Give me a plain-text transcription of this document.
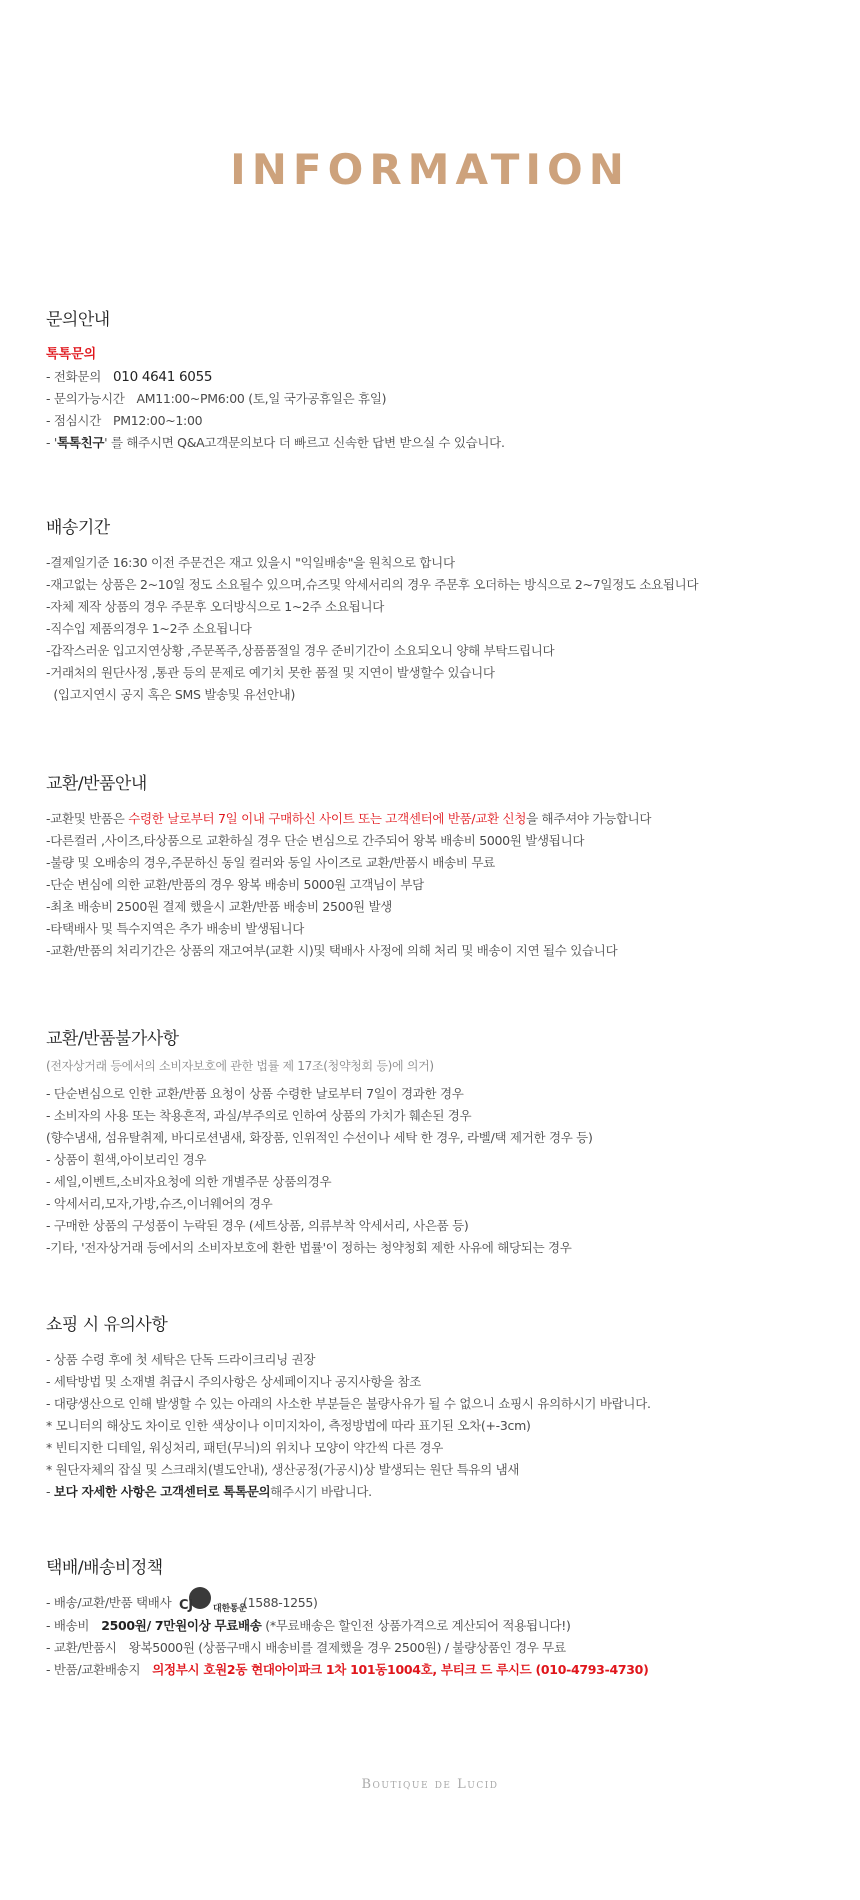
INFORMATION
문의안내
톡톡문의
- 전화문의 010 4641 6055
- 문의가능시간 AM11:00~PM6:00 (토,일 국가공휴일은 휴일)
- 점심시간 PM12:00~1:00
- '톡톡친구' 를 해주시면 Q&A고객문의보다 더 빠르고 신속한 답변 받으실 수 있습니다.
배송기간
-결제일기준 16:30 이전 주문건은 재고 있을시 "익일배송"을 원칙으로 합니다
-재고없는 상품은 2~10일 정도 소요될수 있으며,슈즈및 악세서리의 경우 주문후 오더하는 방식으로 2~7일정도 소요됩니다
-자체 제작 상품의 경우 주문후 오더방식으로 1~2주 소요됩니다
-직수입 제품의경우 1~2주 소요됩니다
-갑작스러운 입고지연상황 ,주문폭주,상품품절일 경우 준비기간이 소요되오니 양해 부탁드립니다
-거래처의 원단사정 ,통관 등의 문제로 예기치 못한 품절 및 지연이 발생할수 있습니다
(입고지연시 공지 혹은 SMS 발송및 유선안내)
교환/반품안내
-교환및 반품은 수령한 날로부터 7일 이내 구매하신 사이트 또는 고객센터에 반품/교환 신청을 해주셔야 가능합니다
-다른컬러 ,사이즈,타상품으로 교환하실 경우 단순 변심으로 간주되어 왕복 배송비 5000원 발생됩니다
-불량 및 오배송의 경우,주문하신 동일 컬러와 동일 사이즈로 교환/반품시 배송비 무료
-단순 변심에 의한 교환/반품의 경우 왕복 배송비 5000원 고객님이 부담
-최초 배송비 2500원 결제 했을시 교환/반품 배송비 2500원 발생
-타택배사 및 특수지역은 추가 배송비 발생됩니다
-교환/반품의 처리기간은 상품의 재고여부(교환 시)및 택배사 사정에 의해 처리 및 배송이 지연 될수 있습니다
교환/반품불가사항
(전자상거래 등에서의 소비자보호에 관한 법률 제 17조(청약청회 등)에 의거)
- 단순변심으로 인한 교환/반품 요청이 상품 수령한 날로부터 7일이 경과한 경우
- 소비자의 사용 또는 착용흔적, 과실/부주의로 인하여 상품의 가치가 훼손된 경우
(향수냄새, 섬유탈취제, 바디로션냄새, 화장품, 인위적인 수선이나 세탁 한 경우, 라벨/택 제거한 경우 등)
- 상품이 흰색,아이보리인 경우
- 세일,이벤트,소비자요청에 의한 개별주문 상품의경우
- 악세서리,모자,가방,슈즈,이너웨어의 경우
- 구매한 상품의 구성품이 누락된 경우 (세트상품, 의류부착 악세서리, 사은품 등)
-기타, '전자상거래 등에서의 소비자보호에 환한 법률'이 정하는 청약청회 제한 사유에 해당되는 경우
쇼핑 시 유의사항
- 상품 수령 후에 첫 세탁은 단독 드라이크리닝 권장
- 세탁방법 및 소재별 취급시 주의사항은 상세페이지나 공지사항을 참조
- 대량생산으로 인해 발생할 수 있는 아래의 사소한 부분들은 불량사유가 될 수 없으니 쇼핑시 유의하시기 바랍니다.
* 모니터의 해상도 차이로 인한 색상이나 이미지차이, 측정방법에 따라 표기된 오차(+-3cm)
* 빈티지한 디테일, 워싱처리, 패턴(무늬)의 위치나 모양이 약간씩 다른 경우
* 원단자체의 잡실 및 스크래치(별도안내), 생산공정(가공시)상 발생되는 원단 특유의 냄새
- 보다 자세한 사항은 고객센터로 톡톡문의해주시기 바랍니다.
택배/배송비정책
- 배송/교환/반품 택배사 CJ 대한통운
(1588-1255)
- 배송비 2500원/ 7만원이상 무료배송 (*무료배송은 할인전 상품가격으로 계산되어 적용됩니다!)
- 교환/반품시 왕복5000원 (상품구매시 배송비를 결제했을 경우 2500원) / 불량상품인 경우 무료
- 반품/교환배송지 의정부시 호원2동 현대아이파크 1차 101동1004호, 부티크 드 루시드 (010-4793-4730)
Boutique de Lucid
